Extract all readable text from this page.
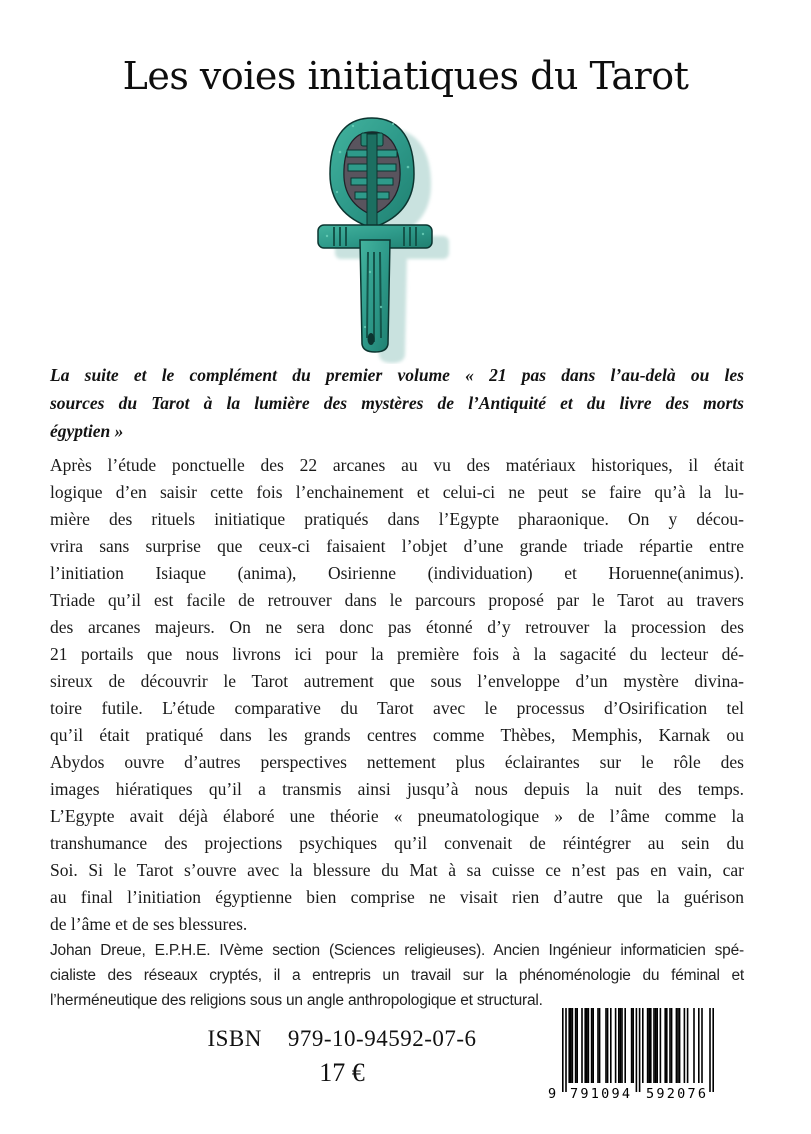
Les voies initiatiques du Tarot
La suite et le complément du premier volume « 21 pas dans l’au-delà ou les
sources du Tarot à la lumière des mystères de l’Antiquité et du livre des morts
égyptien »
Après l’étude ponctuelle des 22 arcanes au vu des matériaux historiques, il était
logique d’en saisir cette fois l’enchainement et celui-ci ne peut se faire qu’à la lu-
mière des rituels initiatique pratiqués dans l’Egypte pharaonique. On y décou-
vrira sans surprise que ceux-ci faisaient l’objet d’une grande triade répartie entre
l’initiation Isiaque (anima), Osirienne (individuation) et Horuenne(animus).
Triade qu’il est facile de retrouver dans le parcours proposé par le Tarot au travers
des arcanes majeurs. On ne sera donc pas étonné d’y retrouver la procession des
21 portails que nous livrons ici pour la première fois à la sagacité du lecteur dé-
sireux de découvrir le Tarot autrement que sous l’enveloppe d’un mystère divina-
toire futile. L’étude comparative du Tarot avec le processus d’Osirification tel
qu’il était pratiqué dans les grands centres comme Thèbes, Memphis, Karnak ou
Abydos ouvre d’autres perspectives nettement plus éclairantes sur le rôle des
images hiératiques qu’il a transmis ainsi jusqu’à nous depuis la nuit des temps.
L’Egypte avait déjà élaboré une théorie « pneumatologique » de l’âme comme la
transhumance des projections psychiques qu’il convenait de réintégrer au sein du
Soi. Si le Tarot s’ouvre avec la blessure du Mat à sa cuisse ce n’est pas en vain, car
au final l’initiation égyptienne bien comprise ne visait rien d’autre que la guérison
de l’âme et de ses blessures.
Johan Dreue, E.P.H.E. IVème section (Sciences religieuses). Ancien Ingénieur informaticien spé-
cialiste des réseaux cryptés, il a entrepris un travail sur la phénoménologie du féminal et
l’herméneutique des religions sous un angle anthropologique et structural.
ISBN 979-10-94592-07-6
17 €
9 791094 592076
